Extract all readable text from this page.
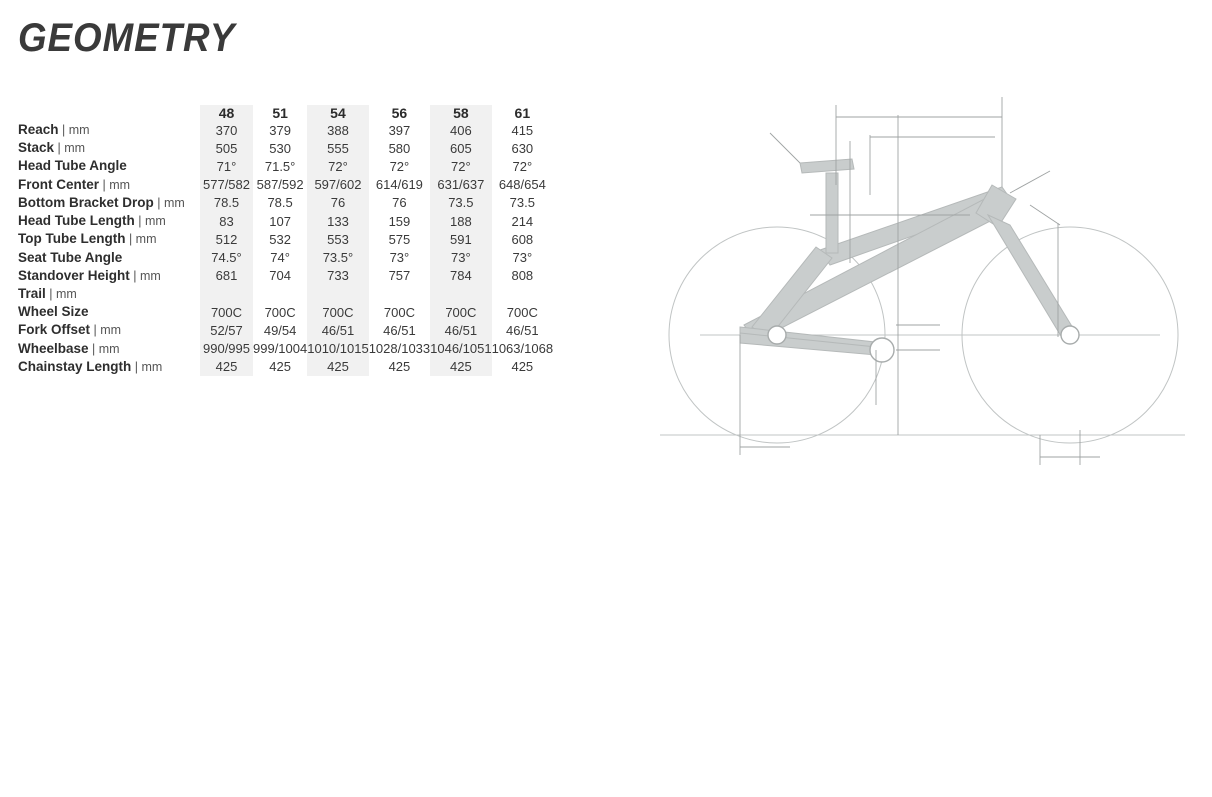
GEOMETRY
	48	51	54	56	58	61
Reach | mm	370	379	388	397	406	415
Stack | mm	505	530	555	580	605	630
Head Tube Angle	71°	71.5°	72°	72°	72°	72°
Front Center | mm	577/582	587/592	597/602	614/619	631/637	648/654
Bottom Bracket Drop | mm	78.5	78.5	76	76	73.5	73.5
Head Tube Length | mm	83	107	133	159	188	214
Top Tube Length | mm	512	532	553	575	591	608
Seat Tube Angle	74.5°	74°	73.5°	73°	73°	73°
Standover Height | mm	681	704	733	757	784	808
Trail | mm						
Wheel Size	700C	700C	700C	700C	700C	700C
Fork Offset | mm	52/57	49/54	46/51	46/51	46/51	46/51
Wheelbase | mm	990/995	999/1004	1010/1015	1028/1033	1046/1051	1063/1068
Chainstay Length | mm	425	425	425	425	425	425
